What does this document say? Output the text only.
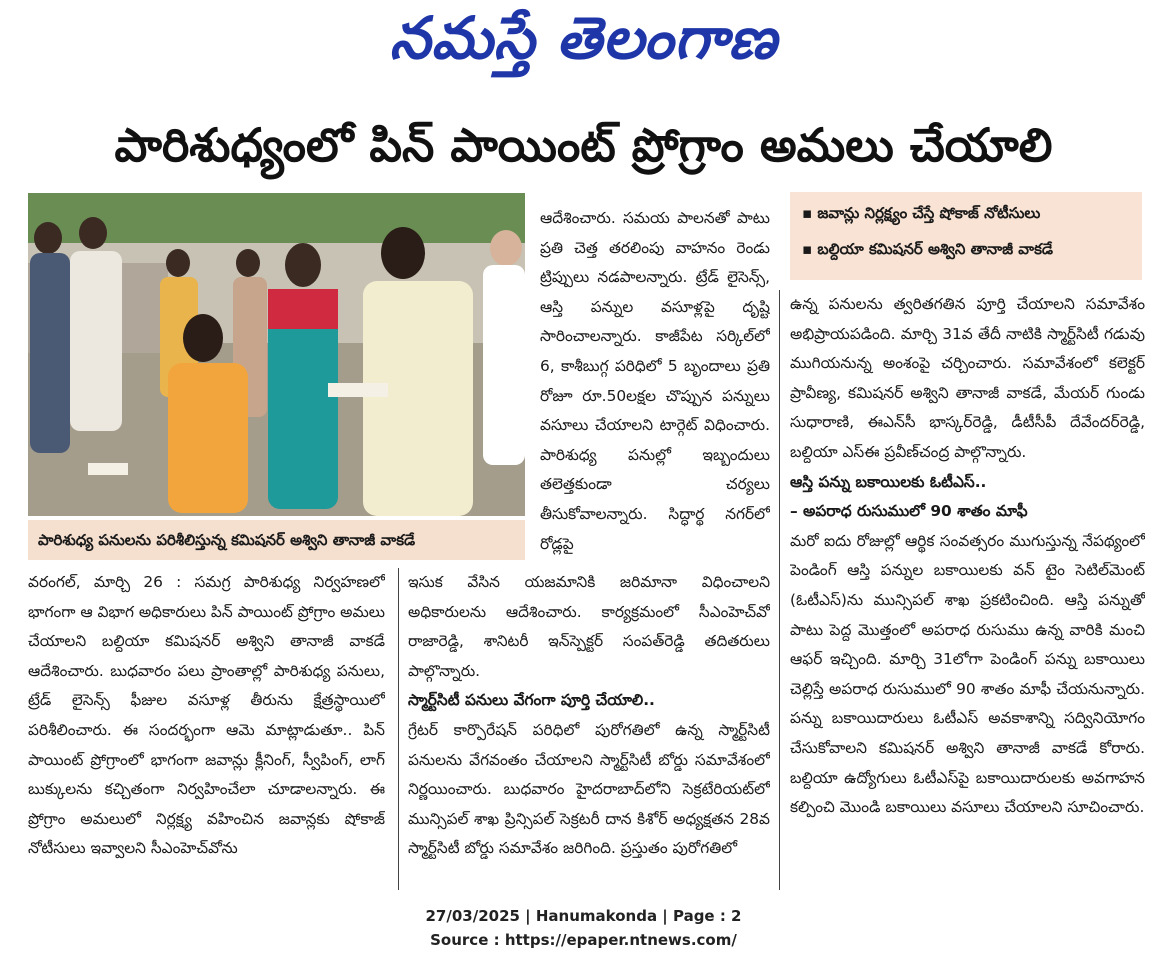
నమస్తే తెలంగాణ
పారిశుధ్యంలో పిన్ పాయింట్ ప్రోగ్రాం అమలు చేయాలి
పారిశుధ్య పనులను పరిశీలిస్తున్న కమిషనర్ అశ్విని తానాజీ వాకడే
▪ జవాన్లు నిర్లక్ష్యం చేస్తే షోకాజ్ నోటీసులు
▪ బల్దియా కమిషనర్ అశ్విని తానాజీ వాకడే

వరంగల్, మార్చి 26 : సమగ్ర పారిశుధ్య నిర్వహణలో భాగంగా ఆ విభాగ అధికారులు పిన్ పాయింట్ ప్రోగ్రాం అమలు చేయాలని బల్దియా కమిషనర్ అశ్విని తానాజీ వాకడే ఆదేశించారు. బుధవారం పలు ప్రాంతాల్లో పారిశుధ్య పనులు, ట్రేడ్ లైసెన్స్ ఫీజుల వసూళ్ల తీరును క్షేత్రస్థాయిలో పరిశీలించారు. ఈ సందర్భంగా ఆమె మాట్లాడుతూ.. పిన్ పాయింట్ ప్రోగ్రాంలో భాగంగా జవాన్లు క్లీనింగ్, స్వీపింగ్, లాగ్ బుక్కులను కచ్చితంగా నిర్వహించేలా చూడాలన్నారు. ఈ ప్రోగ్రాం అమలులో నిర్లక్ష్య వహించిన జవాన్లకు షోకాజ్ నోటీసులు ఇవ్వాలని సీఎంహెచ్‌వోను

ఆదేశించారు. సమయ పాలనతో పాటు ప్రతి చెత్త తరలింపు వాహనం రెండు ట్రిప్పులు నడపాలన్నారు. ట్రేడ్ లైసెన్స్, ఆస్తి పన్నుల వసూళ్లపై దృష్టి సారించాలన్నారు. కాజీపేట సర్కిల్‌లో 6, కాశీబుగ్గ పరిధిలో 5 బృందాలు ప్రతి రోజూ రూ.50లక్షల చొప్పున పన్నులు వసూలు చేయాలని టార్గెట్ విధించారు. పారిశుధ్య పనుల్లో ఇబ్బందులు తలెత్తకుండా చర్యలు తీసుకోవాలన్నారు. సిద్ధార్థ నగర్‌లో రోడ్లపై

ఇసుక వేసిన యజమానికి జరిమానా విధించాలని అధికారులను ఆదేశించారు. కార్యక్రమంలో సీఎంహెచ్‌వో రాజారెడ్డి, శానిటరీ ఇన్‌స్పెక్టర్ సంపత్‌రెడ్డి తదితరులు పాల్గొన్నారు.

స్మార్ట్‌సిటీ పనులు వేగంగా పూర్తి చేయాలి..

గ్రేటర్ కార్పొరేషన్ పరిధిలో పురోగతిలో ఉన్న స్మార్ట్‌సిటీ పనులను వేగవంతం చేయాలని స్మార్ట్‌సిటీ బోర్డు సమావేశంలో నిర్ణయించారు. బుధవారం హైదరాబాద్‌లోని సెక్రటేరియట్‌లో మున్సిపల్ శాఖ ప్రిన్సిపల్ సెక్రటరీ దాన కిశోర్ అధ్యక్షతన 28వ స్మార్ట్‌సిటీ బోర్డు సమావేశం జరిగింది. ప్రస్తుతం పురోగతిలో

ఉన్న పనులను త్వరితగతిన పూర్తి చేయాలని సమావేశం అభిప్రాయపడింది. మార్చి 31వ తేదీ నాటికి స్మార్ట్‌సిటీ గడువు ముగియనున్న అంశంపై చర్చించారు. సమావేశంలో కలెక్టర్ ప్రావీణ్య, కమిషనర్ అశ్విని తానాజీ వాకడే, మేయర్ గుండు సుధారాణి, ఈఎన్‌సీ భాస్కర్‌రెడ్డి, డీటీసీపీ దేవేందర్‌రెడ్డి, బల్దియా ఎస్‌ఈ ప్రవీణ్‌చంద్ర పాల్గొన్నారు.

ఆస్తి పన్ను బకాయిలకు ఓటీఎస్..

– అపరాధ రుసుములో 90 శాతం మాఫీ

మరో ఐదు రోజుల్లో ఆర్థిక సంవత్సరం ముగుస్తున్న నేపథ్యంలో పెండింగ్ ఆస్తి పన్నుల బకాయిలకు వన్ టైం సెటిల్‌మెంట్ (ఓటీఎస్)ను మున్సిపల్ శాఖ ప్రకటించింది. ఆస్తి పన్నుతో పాటు పెద్ద మొత్తంలో అపరాధ రుసుము ఉన్న వారికి మంచి ఆఫర్ ఇచ్చింది. మార్చి 31లోగా పెండింగ్ పన్ను బకాయిలు చెల్లిస్తే అపరాధ రుసుములో 90 శాతం మాఫీ చేయనున్నారు. పన్ను బకాయిదారులు ఓటీఎస్ అవకాశాన్ని సద్వినియోగం చేసుకోవాలని కమిషనర్ అశ్విని తానాజీ వాకడే కోరారు. బల్దియా ఉద్యోగులు ఓటీఎస్‌పై బకాయిదారులకు అవగాహన కల్పించి మొండి బకాయిలు వసూలు చేయాలని సూచించారు.

27/03/2025 | Hanumakonda | Page : 2
Source : https://epaper.ntnews.com/
